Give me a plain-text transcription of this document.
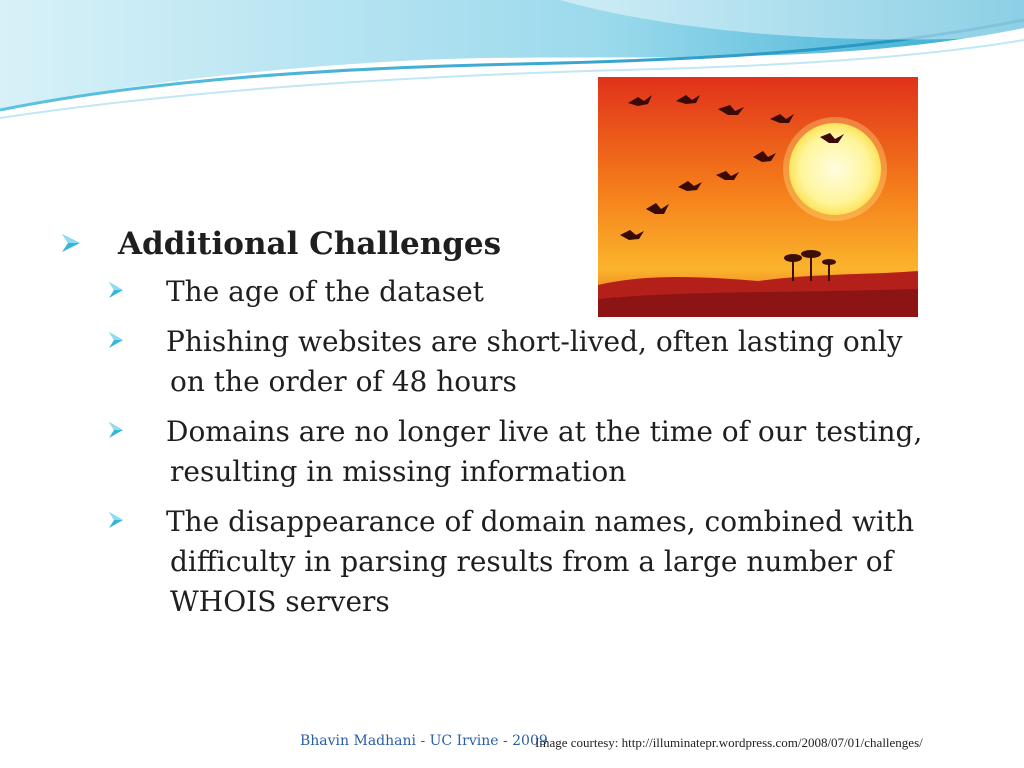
Additional Challenges
The age of the dataset
Phishing websites are short-lived, often lasting only
on the order of 48 hours
Domains are no longer live at the time of our testing,
resulting in missing information
The disappearance of domain names, combined with
difficulty in parsing results from a large number of
WHOIS servers
Bhavin Madhani - UC Irvine - 2009
Image courtesy: http://illuminatepr.wordpress.com/2008/07/01/challenges/
